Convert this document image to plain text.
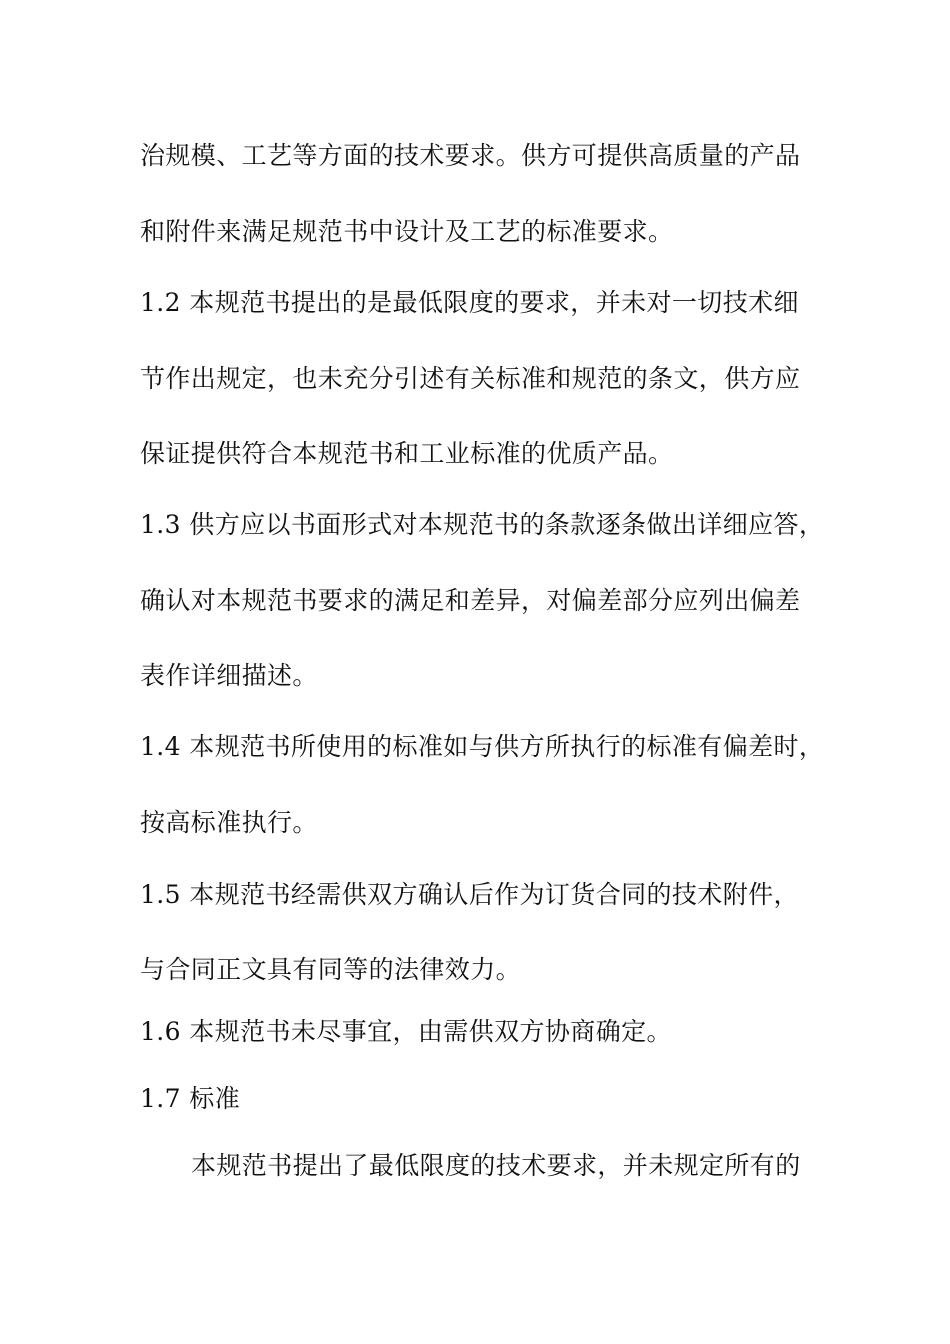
治规模、工艺等方面的技术要求。供方可提供高质量的产品
和附件来满足规范书中设计及工艺的标准要求。
1.2 本规范书提出的是最低限度的要求，并未对一切技术细
节作出规定，也未充分引述有关标准和规范的条文，供方应
保证提供符合本规范书和工业标准的优质产品。
1.3 供方应以书面形式对本规范书的条款逐条做出详细应答，
确认对本规范书要求的满足和差异，对偏差部分应列出偏差
表作详细描述。
1.4 本规范书所使用的标准如与供方所执行的标准有偏差时，
按高标准执行。
1.5 本规范书经需供双方确认后作为订货合同的技术附件，
与合同正文具有同等的法律效力。
1.6 本规范书未尽事宜，由需供双方协商确定。
1.7 标准
本规范书提出了最低限度的技术要求，并未规定所有的
